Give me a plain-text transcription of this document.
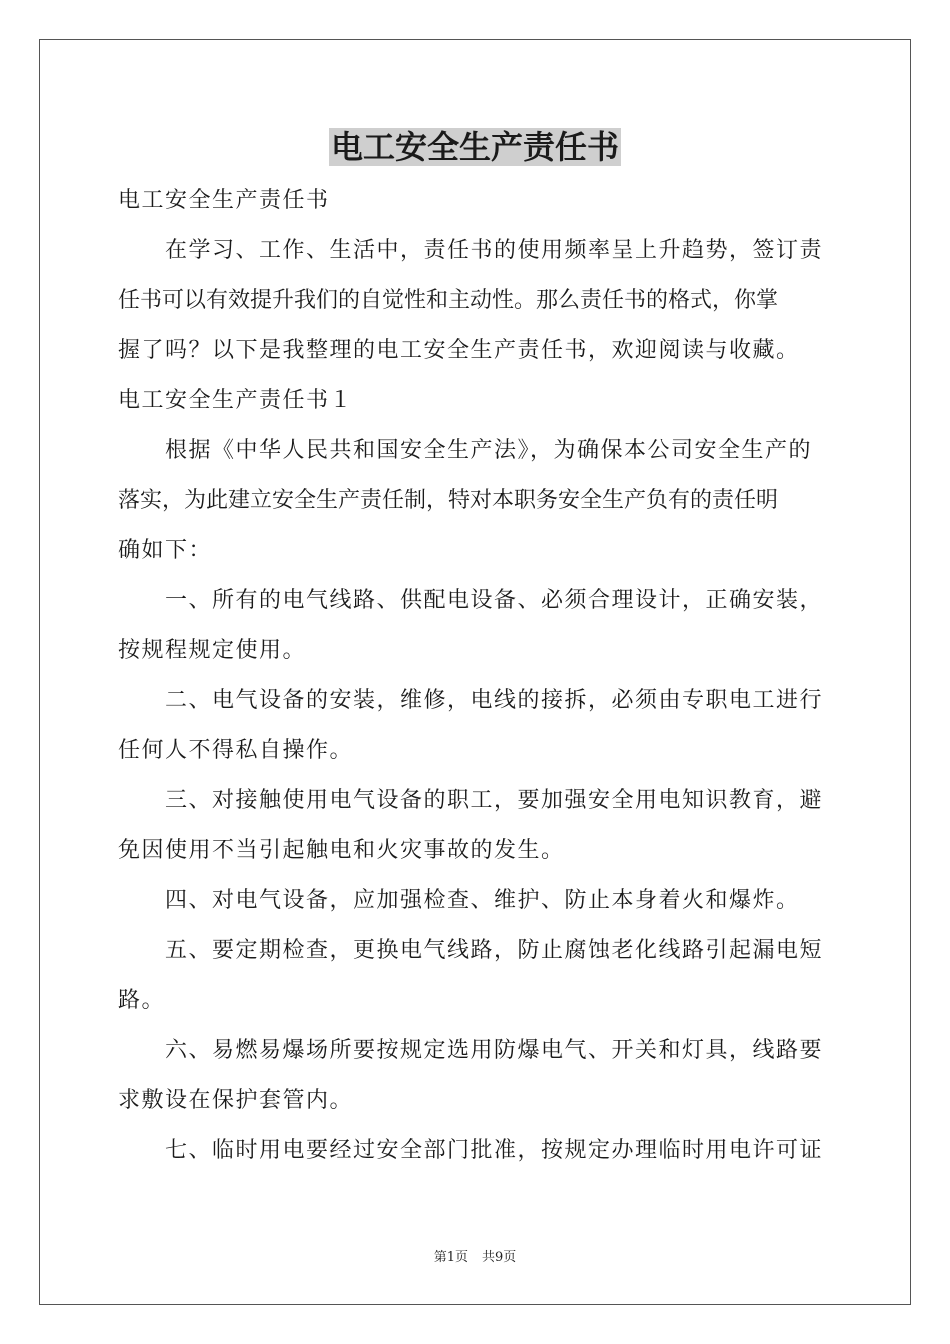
电工安全生产责任书
电工安全生产责任书
在学习、工作、生活中，责任书的使用频率呈上升趋势，签订责
任书可以有效提升我们的自觉性和主动性。那么责任书的格式，你掌
握了吗？以下是我整理的电工安全生产责任书，欢迎阅读与收藏。
电工安全生产责任书１
根据《中华人民共和国安全生产法》，为确保本公司安全生产的
落实，为此建立安全生产责任制，特对本职务安全生产负有的责任明
确如下：
一、所有的电气线路、供配电设备、必须合理设计，正确安装，
按规程规定使用。
二、电气设备的安装，维修，电线的接拆，必须由专职电工进行
任何人不得私自操作。
三、对接触使用电气设备的职工，要加强安全用电知识教育，避
免因使用不当引起触电和火灾事故的发生。
四、对电气设备，应加强检查、维护、防止本身着火和爆炸。
五、要定期检查，更换电气线路，防止腐蚀老化线路引起漏电短
路。
六、易燃易爆场所要按规定选用防爆电气、开关和灯具，线路要
求敷设在保护套管内。
七、临时用电要经过安全部门批准，按规定办理临时用电许可证
第1页 共9页
